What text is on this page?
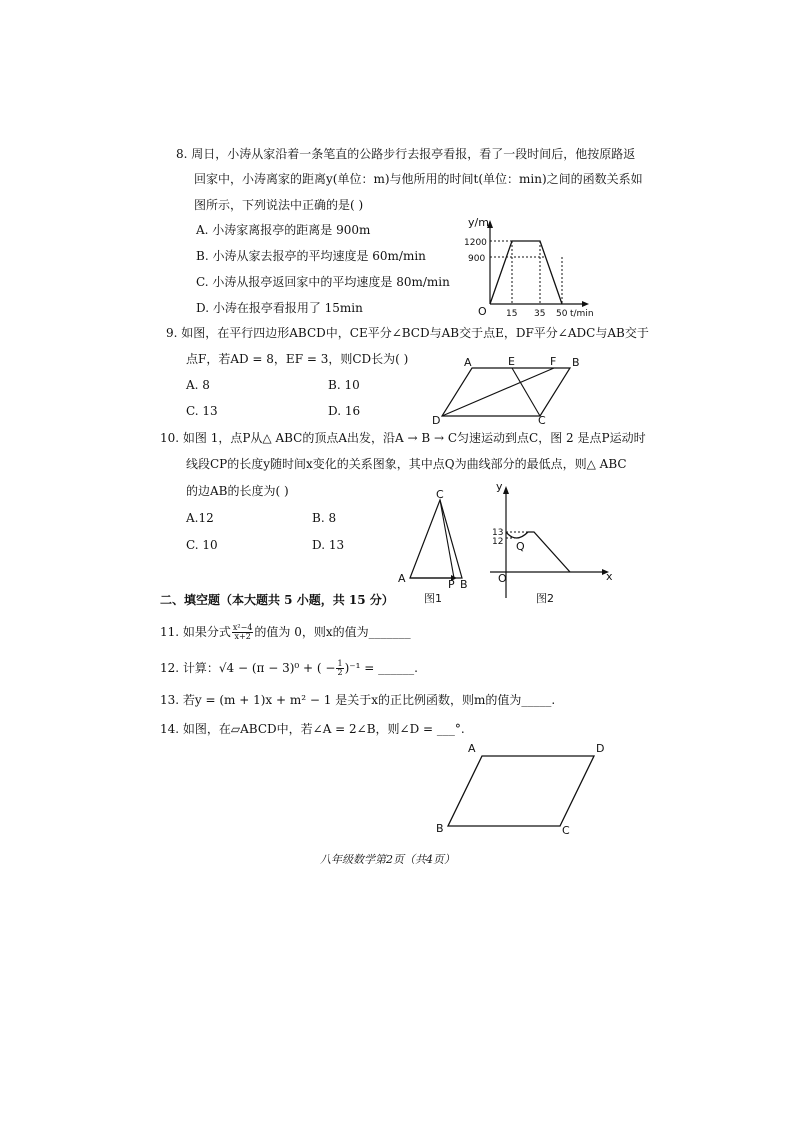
8. 周日，小涛从家沿着一条笔直的公路步行去报亭看报，看了一段时间后，他按原路返
回家中，小涛离家的距离y(单位：m)与他所用的时间t(单位：min)之间的函数关系如
图所示，下列说法中正确的是( )
A. 小涛家离报亭的距离是 900m
B. 小涛从家去报亭的平均速度是 60m/min
C. 小涛从报亭返回家中的平均速度是 80m/min
D. 小涛在报亭看报用了 15min
y/m
1200
900
O 15 35 50 t/min
9. 如图，在平行四边形ABCD中，CE平分∠BCD与AB交于点E，DF平分∠ADC与AB交于
点F，若AD = 8，EF = 3，则CD长为( )
A. 8	B. 10
C. 13	D. 16
A	E	F B
D	C
10. 如图 1，点P从△ ABC的顶点A出发，沿A → B → C匀速运动到点C，图 2 是点P运动时
线段CP的长度y随时间x变化的关系图象，其中点Q为曲线部分的最低点，则△ ABC
的边AB的长度为( )
A.12	B. 8
C. 10	D. 13
C
A	P B
图1
y
x
O
13
12 Q
图2
二、填空题（本大题共 5 小题，共 15 分）
11. 如果分式 $\frac{\text{x²−4}}{x+2}$ 的值为 0，则x的值为_______
12. 计算：√4 − (π − 3)⁰ + ( − $\frac{1}{2} )^{-1}$ = ______.
13. 若y = (m + 1)x + m² − 1 是关于x的正比例函数，则m的值为_____.
14. 如图，在▱ABCD中，若∠A = 2∠B，则∠D = ___°.
A	D
B	C
八年级数学第2页（共4页）
